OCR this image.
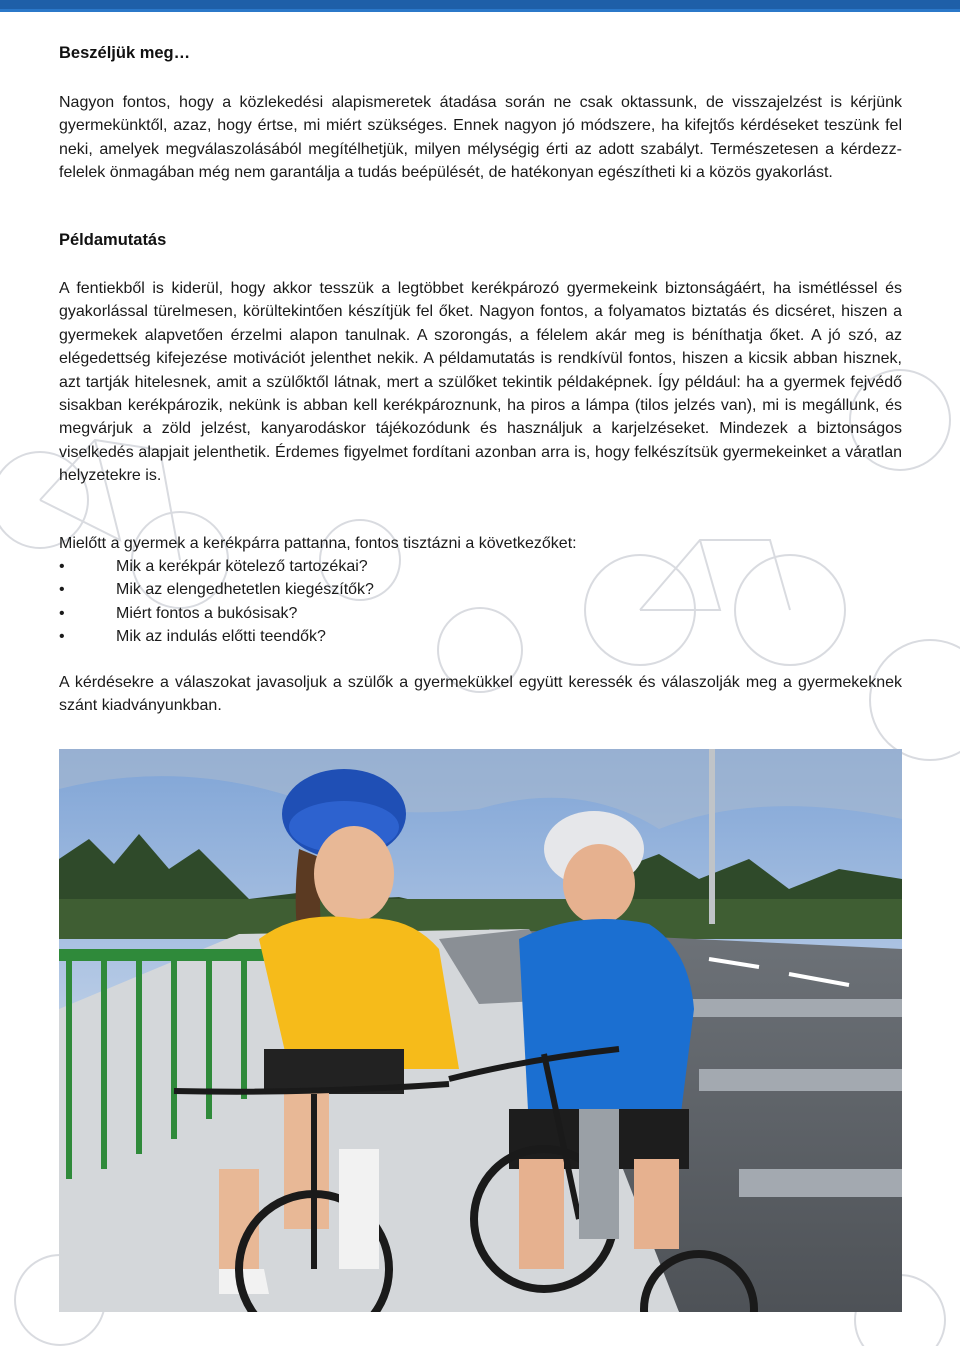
Beszéljük meg…

Nagyon fontos, hogy a közlekedési alapismeretek átadása során ne csak oktassunk, de visszajelzést is kérjünk gyermekünktől, azaz, hogy értse, mi miért szükséges. Ennek nagyon jó módszere, ha kifejtős kérdéseket teszünk fel neki, amelyek megválaszolásából megítélhetjük, milyen mélységig érti az adott szabályt. Természetesen a kérdezz-felelek önmagában még nem garantálja a tudás beépülését, de hatékonyan egészítheti ki a közös gyakorlást.

Példamutatás

A fentiekből is kiderül, hogy akkor tesszük a legtöbbet kerékpározó gyermekeink biztonságáért, ha ismétléssel és gyakorlással türelmesen, körültekintően készítjük fel őket. Nagyon fontos, a folyamatos biztatás és dicséret, hiszen a gyermekek alapvetően érzelmi alapon tanulnak. A szorongás, a félelem akár meg is béníthatja őket. A jó szó, az elégedettség kifejezése motivációt jelenthet nekik. A példamutatás is rendkívül fontos, hiszen a kicsik abban hisznek, azt tartják hitelesnek, amit a szülőktől látnak, mert a szülőket tekintik példaképnek. Így például: ha a gyermek fejvédő sisakban kerékpározik, nekünk is abban kell kerékpároznunk, ha piros a lámpa (tilos jelzés van), mi is megállunk, és megvárjuk a zöld jelzést, kanyarodáskor tájékozódunk és használjuk a karjelzéseket. Mindezek a biztonságos viselkedés alapjait jelenthetik. Érdemes figyelmet fordítani azonban arra is, hogy felkészítsük gyermekeinket a váratlan helyzetekre is.

Mielőtt a gyermek a kerékpárra pattanna, fontos tisztázni a következőket:

•	Mik a kerékpár kötelező tartozékai?
•	Mik az elengedhetetlen kiegészítők?
•	Miért fontos a bukósisak?
•	Mik az indulás előtti teendők?

A kérdésekre a válaszokat javasoljuk a szülők a gyermekükkel együtt keressék és válaszolják meg a gyermekeknek szánt kiadványunkban.
